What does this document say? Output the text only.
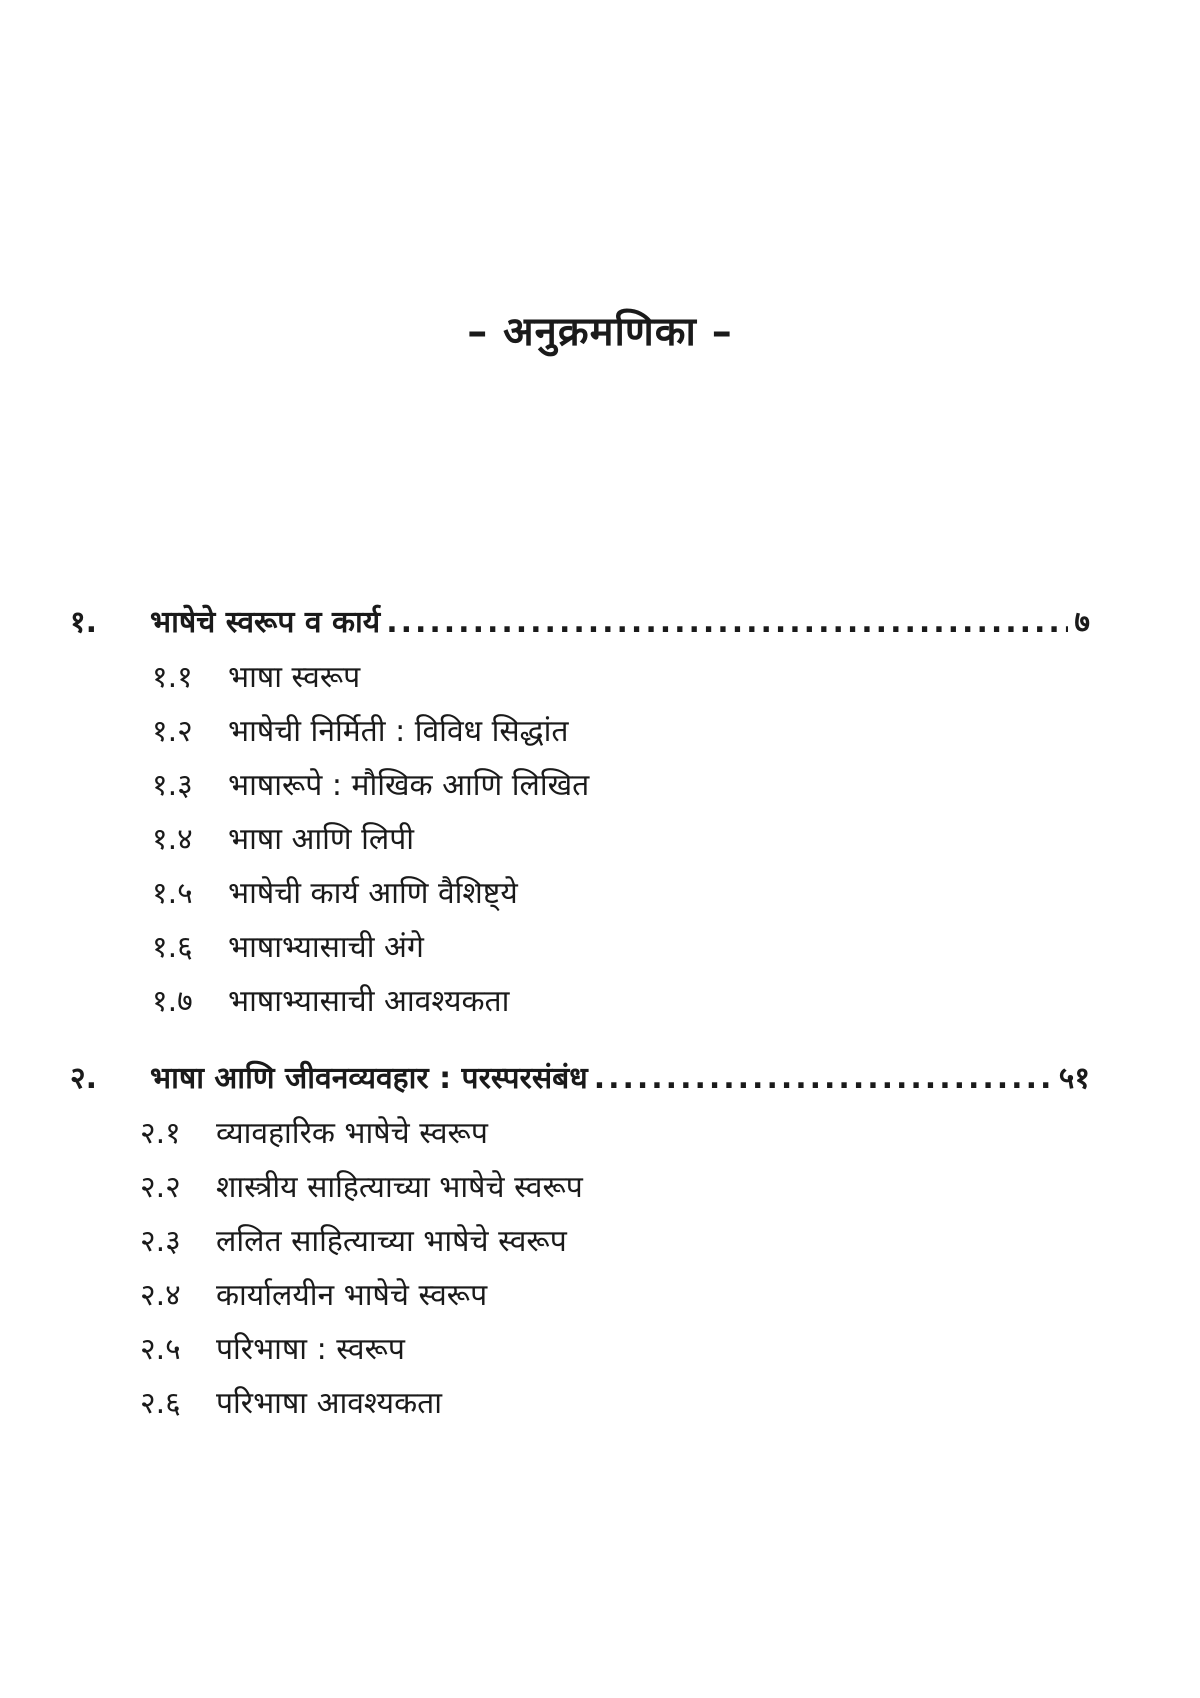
– अनुक्रमणिका –
१.	भाषेचे स्वरूप व कार्य .....	७
१.१ भाषा स्वरूप
१.२ भाषेची निर्मिती : विविध सिद्धांत
१.३ भाषारूपे : मौखिक आणि लिखित
१.४ भाषा आणि लिपी
१.५ भाषेची कार्य आणि वैशिष्ट्ये
१.६ भाषाभ्यासाची अंगे
१.७ भाषाभ्यासाची आवश्यकता
२.	भाषा आणि जीवनव्यवहार : परस्परसंबंध .....	५१
२.१ व्यावहारिक भाषेचे स्वरूप
२.२ शास्त्रीय साहित्याच्या भाषेचे स्वरूप
२.३ ललित साहित्याच्या भाषेचे स्वरूप
२.४ कार्यालयीन भाषेचे स्वरूप
२.५ परिभाषा : स्वरूप
२.६ परिभाषा आवश्यकता
